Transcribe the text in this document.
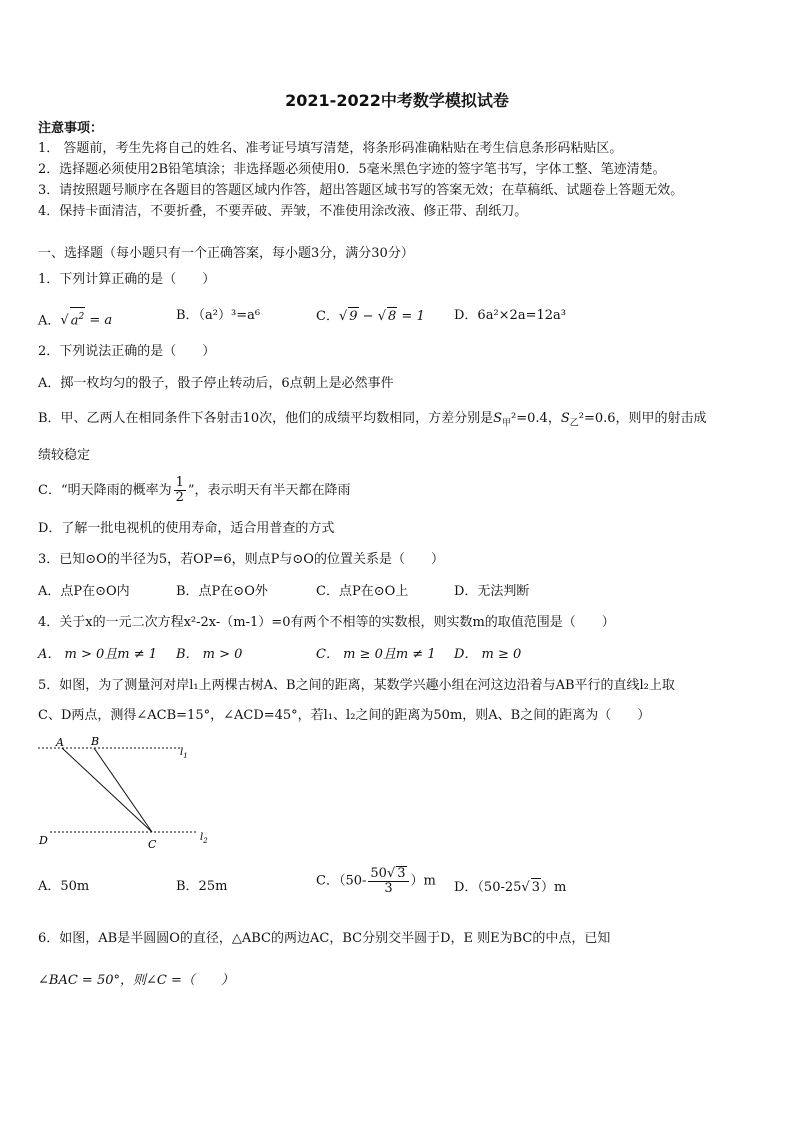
2021-2022中考数学模拟试卷
注意事项：
1． 答题前，考生先将自己的姓名、准考证号填写清楚，将条形码准确粘贴在考生信息条形码粘贴区。
2．选择题必须使用2B铅笔填涂；非选择题必须使用0．5毫米黑色字迹的签字笔书写，字体工整、笔迹清楚。
3．请按照题号顺序在各题目的答题区域内作答，超出答题区域书写的答案无效；在草稿纸、试题卷上答题无效。
4．保持卡面清洁，不要折叠，不要弄破、弄皱，不准使用涂改液、修正带、刮纸刀。
一、选择题（每小题只有一个正确答案，每小题3分，满分30分）
1．下列计算正确的是（　　）
A．√ $a^2 = a$	B．（a²）³=a⁶	C．√ 9 − √ 8 = 1 D．6a²×2a=12a³
2．下列说法正确的是（　　）
A．掷一枚均匀的骰子，骰子停止转动后，6点朝上是必然事件
B．甲、乙两人在相同条件下各射击10次，他们的成绩平均数相同，方差分别是$S_甲^2=0.4$，$S_乙^2=0.6$，则甲的射击成
绩较稳定
C．“明天降雨的概率为 $\frac{1}{2}$ ”，表示明天有半天都在降雨
D．了解一批电视机的使用寿命，适合用普查的方式
3．已知⊙O的半径为5，若OP=6，则点P与⊙O的位置关系是（　　）
A．点P在⊙O内	B．点P在⊙O外	C．点P在⊙O上	D．无法判断
4．关于x的一元二次方程x²-2x-（m-1）=0有两个不相等的实数根，则实数m的取值范围是（　　）
A． m > 0且m ≠ 1 B． m > 0	C． m ≥ 0且m ≠ 1 D． m ≥ 0
5．如图，为了测量河对岸l₁上两棵古树A、B之间的距离，某数学兴趣小组在河这边沿着与AB平行的直线l₂上取
C、D两点，测得∠ACB=15°，∠ACD=45°，若l₁、l₂之间的距离为50m，则A、B之间的距离为（　　）
A B
$l_1$
D	C
$l_2$
A．50m	B．25m	C．$(50- \frac{50√ 3}{3} )m$ D．（50-25√ 3）m
6．如图，AB是半圆圆O的直径，△ABC的两边AC，BC分别交半圆于D，E 则E为BC的中点，已知
∠BAC = 50°，则∠C =（　　）
